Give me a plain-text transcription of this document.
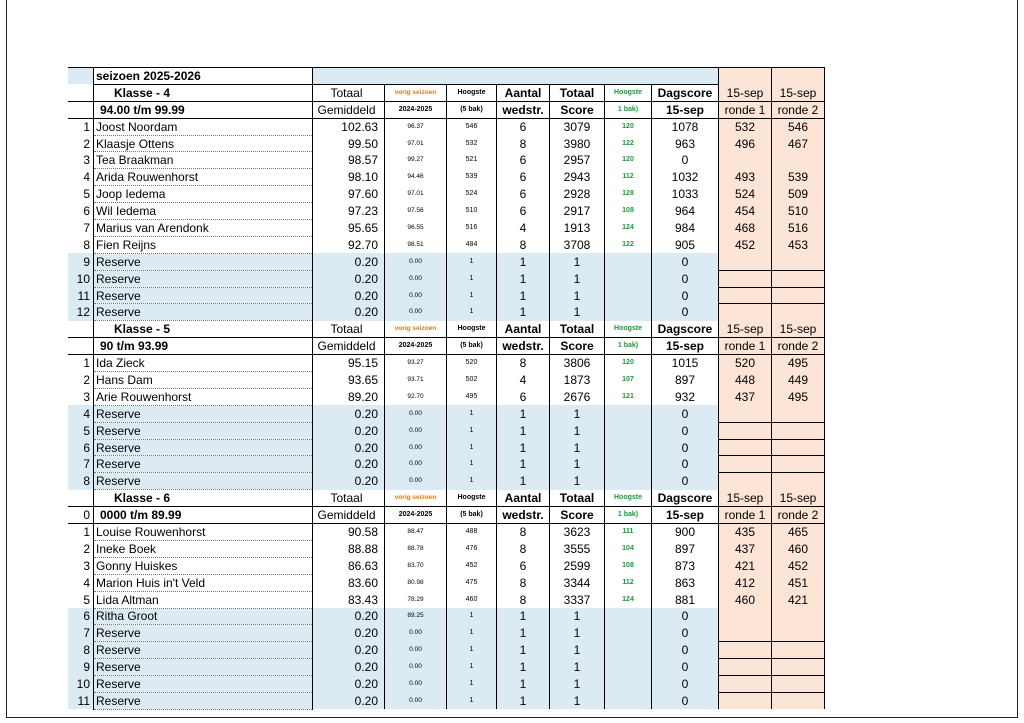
	seizoen 2025-2026									
	Klasse - 4	Totaal	vorig seizoen	Hoogste	Aantal	Totaal	Hoogste	Dagscore	15-sep	15-sep
	94.00 t/m 99.99	Gemiddeld	2024-2025	(5 bak)	wedstr.	Score	1 bak)	15-sep	ronde 1	ronde 2
1	Joost Noordam	102.63	96.37	546	6	3079	120	1078	532	546
2	Klaasje Ottens	99.50	97.01	532	8	3980	122	963	496	467
3	Tea Braakman	98.57	99.27	521	6	2957	120	0		
4	Arida Rouwenhorst	98.10	94.46	539	6	2943	112	1032	493	539
5	Joop Iedema	97.60	97.01	524	6	2928	128	1033	524	509
6	Wil Iedema	97.23	97.56	510	6	2917	108	964	454	510
7	Marius van Arendonk	95.65	96.55	516	4	1913	124	984	468	516
8	Fien Reijns	92.70	98.51	484	8	3708	122	905	452	453
9	Reserve	0.20	0.00	1	1	1		0		
10	Reserve	0.20	0.00	1	1	1		0		
11	Reserve	0.20	0.00	1	1	1		0		
12	Reserve	0.20	0.00	1	1	1		0		
	Klasse - 5	Totaal	vorig seizoen	Hoogste	Aantal	Totaal	Hoogste	Dagscore	15-sep	15-sep
	90 t/m 93.99	Gemiddeld	2024-2025	(5 bak)	wedstr.	Score	1 bak)	15-sep	ronde 1	ronde 2
1	Ida Zieck	95.15	93.27	520	8	3806	120	1015	520	495
2	Hans Dam	93.65	93.71	502	4	1873	107	897	448	449
3	Arie Rouwenhorst	89.20	92.70	495	6	2676	121	932	437	495
4	Reserve	0.20	0.00	1	1	1		0		
5	Reserve	0.20	0.00	1	1	1		0		
6	Reserve	0.20	0.00	1	1	1		0		
7	Reserve	0.20	0.00	1	1	1		0		
8	Reserve	0.20	0.00	1	1	1		0		
	Klasse - 6	Totaal	vorig seizoen	Hoogste	Aantal	Totaal	Hoogste	Dagscore	15-sep	15-sep
0	0000 t/m 89.99	Gemiddeld	2024-2025	(5 bak)	wedstr.	Score	1 bak)	15-sep	ronde 1	ronde 2
1	Louise Rouwenhorst	90.58	88.47	488	8	3623	111	900	435	465
2	Ineke Boek	88.88	88.78	476	8	3555	104	897	437	460
3	Gonny Huiskes	86.63	83.70	452	6	2599	108	873	421	452
4	Marion Huis in't Veld	83.60	80.98	475	8	3344	112	863	412	451
5	Lida Altman	83.43	78.29	460	8	3337	124	881	460	421
6	Ritha Groot	0.20	89.25	1	1	1		0		
7	Reserve	0.20	0.00	1	1	1		0		
8	Reserve	0.20	0.00	1	1	1		0		
9	Reserve	0.20	0.00	1	1	1		0		
10	Reserve	0.20	0.00	1	1	1		0		
11	Reserve	0.20	0.00	1	1	1		0		
